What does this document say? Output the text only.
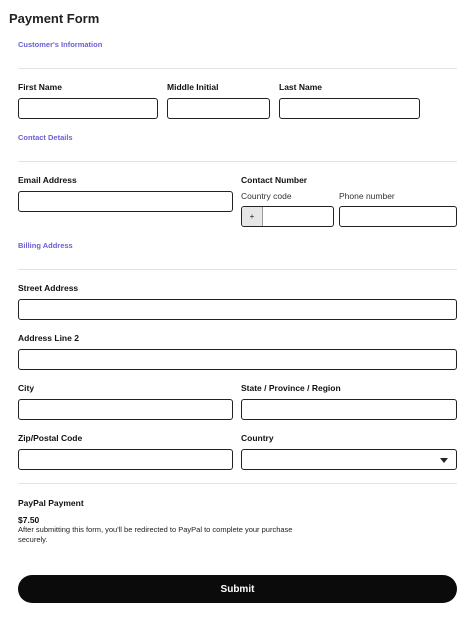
Payment Form
Customer's Information
First Name	Middle Initial	Last Name
Contact Details
Email Address	Contact Number
Country code	Phone number
+
Billing Address
Street Address
Address Line 2
City	State / Province / Region
Zip/Postal Code	Country
PayPal Payment
$7.50
After submitting this form, you'll be redirected to PayPal to complete your purchase securely.
Submit
